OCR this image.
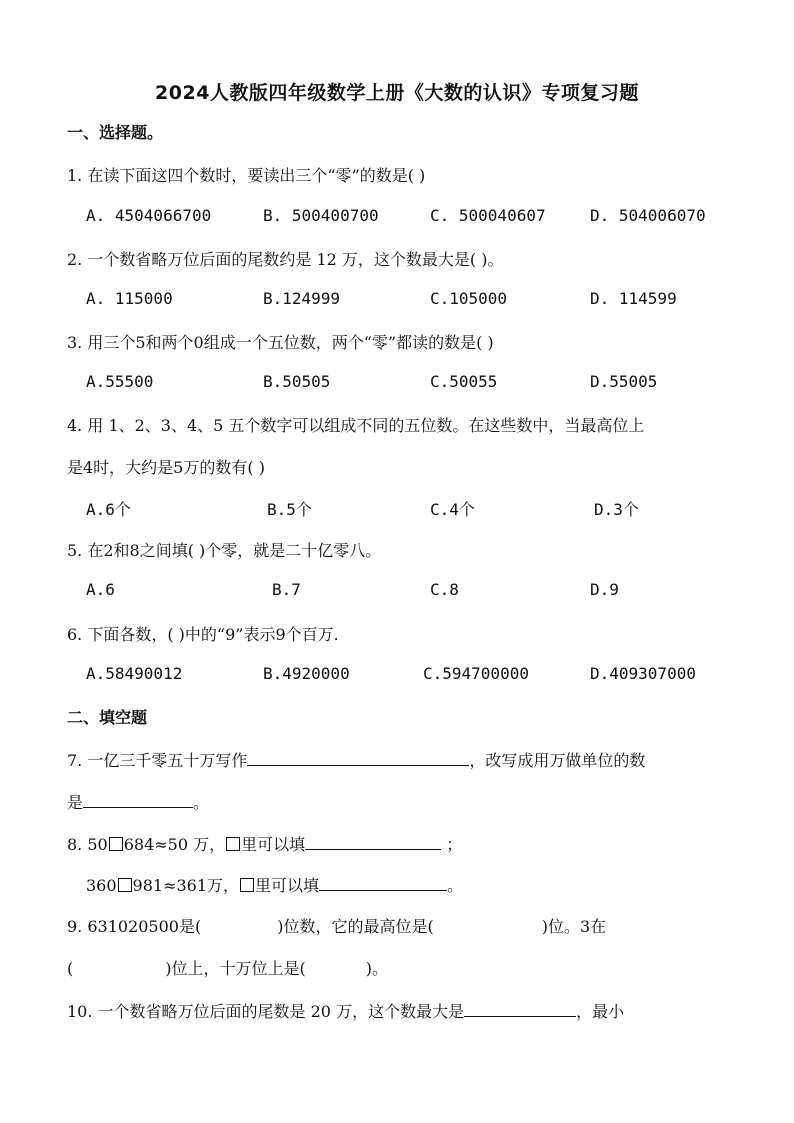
2024人教版四年级数学上册《大数的认识》专项复习题
一、选择题。
1. 在读下面这四个数时，要读出三个“零”的数是( )
A. 4504066700	B. 500400700	C. 500040607	D. 504006070
2. 一个数省略万位后面的尾数约是 12 万，这个数最大是( )。
A. 115000	B.124999	C.105000	D. 114599
3. 用三个5和两个0组成一个五位数，两个“零”都读的数是( )
A.55500	B.50505	C.50055	D.55005
4. 用 1、2、3、4、5 五个数字可以组成不同的五位数。在这些数中，当最高位上
是4时，大约是5万的数有( )
A.6个	B.5个	C.4个	D.3个
5. 在2和8之间填( )个零，就是二十亿零八。
A.6	B.7	C.8	D.9
6. 下面各数，( )中的“9”表示9个百万.
A.58490012	B.4920000	C.594700000	D.409307000
二、填空题
7. 一亿三千零五十万写作	，改写成用万做单位的数
是	。
8. 50 684≈50 万， 里可以填	；
360 981≈361万， 里可以填	。
9. 631020500是(	)位数，它的最高位是(	)位。3在
(	)位上，十万位上是(	)。
10. 一个数省略万位后面的尾数是 20 万，这个数最大是	，最小
